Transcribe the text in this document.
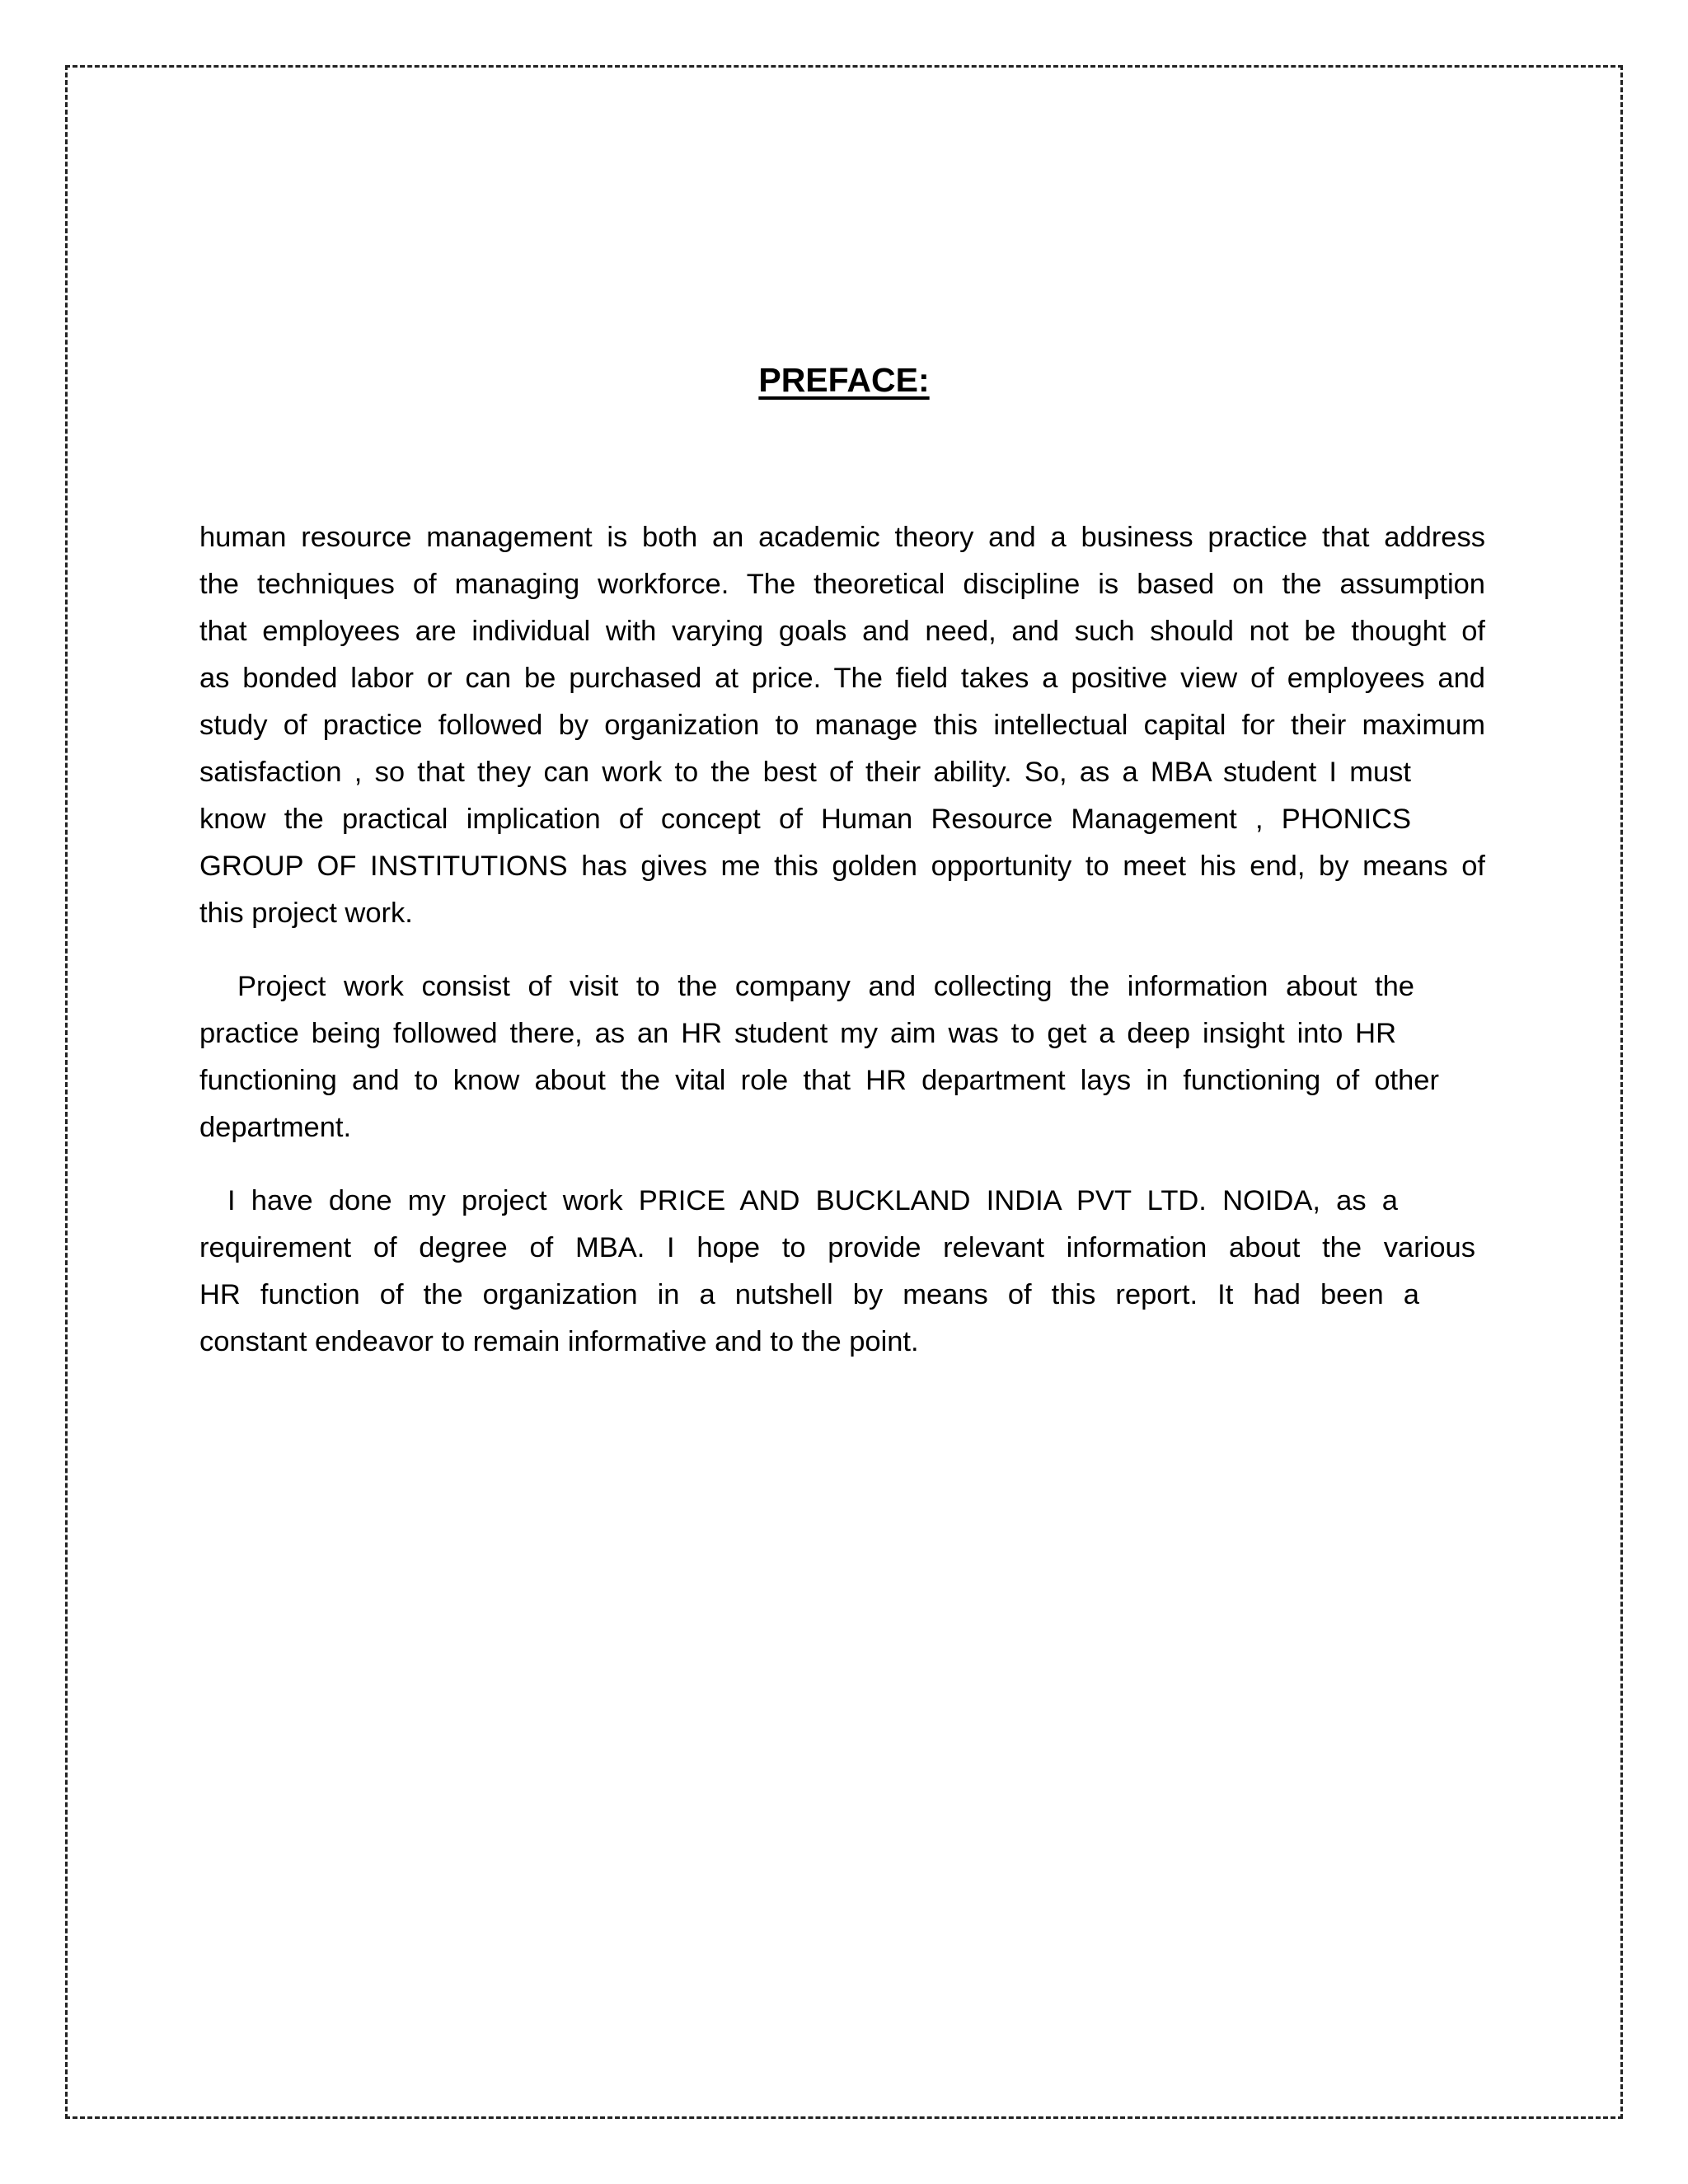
PREFACE:

human resource management is both an academic theory and a business practice that address

the techniques of managing workforce. The theoretical discipline is based on the assumption

that employees are individual with varying goals and need, and such should not be thought of

as bonded labor or can be purchased at price. The field takes a positive view of employees and

study of practice followed by organization to manage this intellectual capital for their maximum

satisfaction , so that they can work to the best of their ability. So, as a MBA student I must

know the practical implication of concept of Human Resource Management , PHONICS

GROUP OF INSTITUTIONS has gives me this golden opportunity to meet his end, by means of

this project work.

Project work consist of visit to the company and collecting the information about the

practice being followed there, as an HR student my aim was to get a deep insight into HR

functioning and to know about the vital role that HR department lays in functioning of other

department.

I have done my project work PRICE AND BUCKLAND INDIA PVT LTD. NOIDA, as a

requirement of degree of MBA. I hope to provide relevant information about the various

HR function of the organization in a nutshell by means of this report. It had been a

constant endeavor to remain informative and to the point.
